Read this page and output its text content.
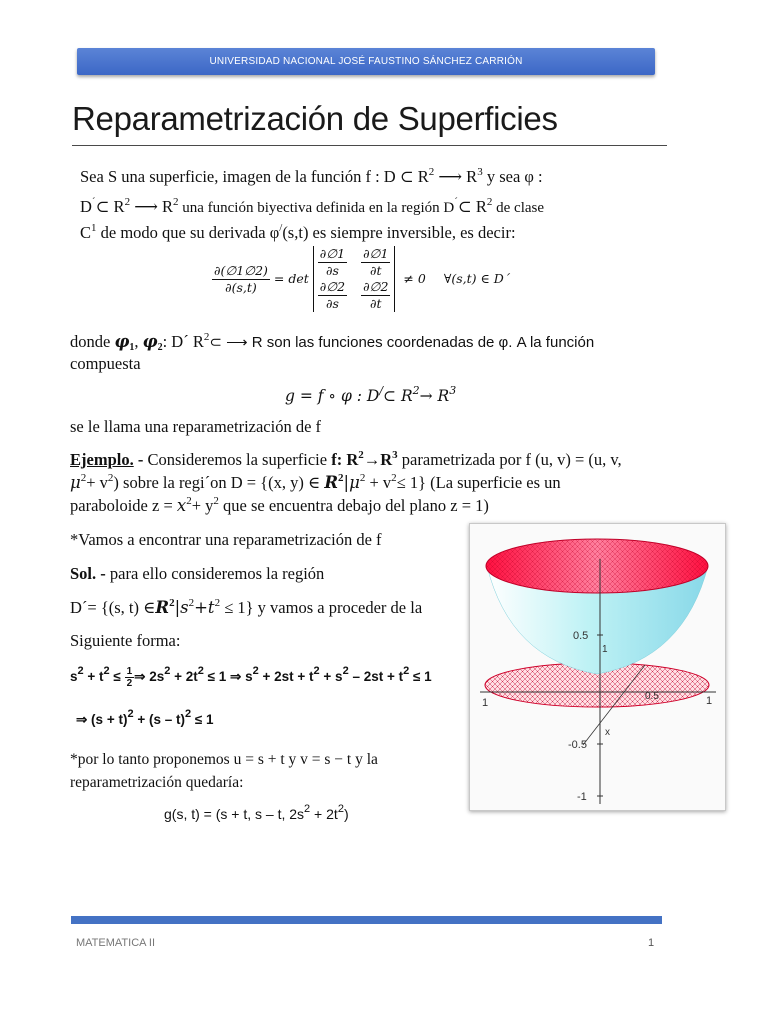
UNIVERSIDAD NACIONAL JOSÉ FAUSTINO SÁNCHEZ CARRIÓN
Reparametrización de Superficies
Sea S una superficie, imagen de la función f : D ⊂ $R^2$ ⟶ $R^3$ y sea φ :
D´⊂ $R^2$ ⟶ $R^2$ una función biyectiva definida en la región D´⊂ $R^2$ de clase
$C^1$ de modo que su derivada φ/(s,t) es siempre inversible, es decir:
$\frac{\partial(\emptyset 1\emptyset 2)}{\partial(s,t)} = \det \frac{\partial\emptyset 1}{\partial s} \frac{\partial\emptyset 1}{\partial t}$
$\frac{\partial\emptyset 2}{\partial s} \frac{\partial\emptyset 2}{\partial t}$
≠ 0 ∀(s,t) ∈ D´
donde $\varphi_1$, $\varphi_2$: D´ $R^2\subset$ ⟶ R son las funciones coordenadas de φ. A la función
compuesta
g = f ∘ φ : D/⊂ $R^2\to R^3$
se le llama una reparametrización de f
Ejemplo. - Consideremos la superficie f: $R^2\to R^3$ parametrizada por f (u, v) = (u, v,
$\mu^2+ v^2$) sobre la regi´on D = {(x, y) ∈ $R^2|\mu^2 + v^2\le 1$} (La superficie es un
paraboloide $z = x^2+ y^2$ que se encuentra debajo del plano z = 1)
*Vamos a encontrar una reparametrización de f
Sol. - para ello consideremos la región
D´= {(s, t) $\in R^2|s^2+t^2 \le 1$} y vamos a proceder de la
Siguiente forma:
$s^2 + t^2 \le \frac{1}{2}$ ⇒ $2s^2 + 2t^2 \le 1$ ⇒ $s^2 + 2st + t^2 + s^2 - 2st + t^2 \le 1$
⇒ $(s + t)^2 + (s - t)^2 \le 1$
*por lo tanto proponemos u = s + t y v = s − t y la
reparametrización quedaría:
g(s, t) = (s + t, s – t, $2s^2 + 2t^2$)
0.5
1
1
0.5	1
-0.5
x
-1
MATEMATICA II	1
